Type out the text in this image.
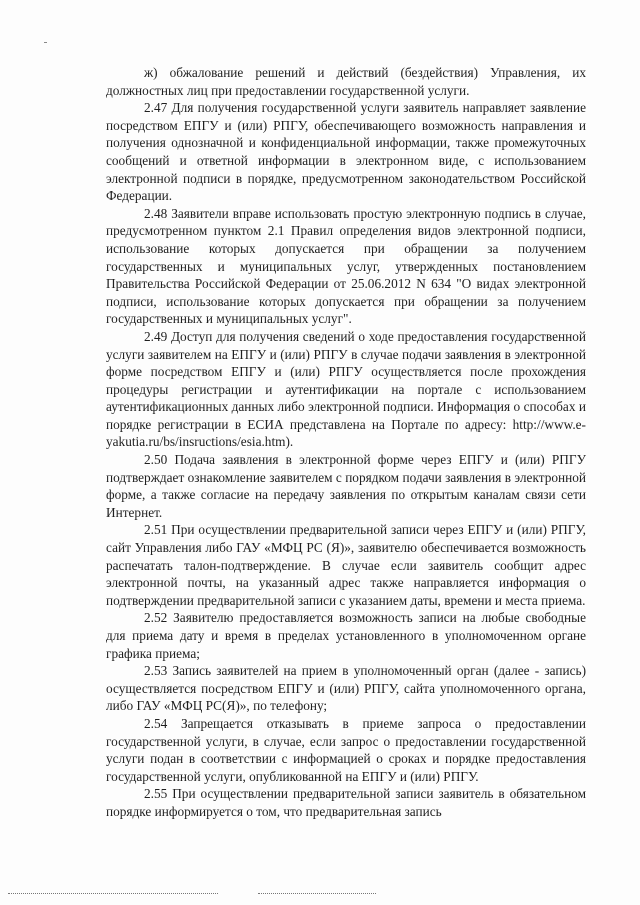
ж) обжалование решений и действий (бездействия) Управления, их должностных лиц при предоставлении государственной услуги.

2.47 Для получения государственной услуги заявитель направляет заявление посредством ЕПГУ и (или) РПГУ, обеспечивающего возможность направления и получения однозначной и конфиденциальной информации, также промежуточных сообщений и ответной информации в электронном виде, с использованием электронной подписи в порядке, предусмотренном законодательством Российской Федерации.

2.48 Заявители вправе использовать простую электронную подпись в случае, предусмотренном пунктом 2.1 Правил определения видов электронной подписи, использование которых допускается при обращении за получением государственных и муниципальных услуг, утвержденных постановлением Правительства Российской Федерации от 25.06.2012 N 634 "О видах электронной подписи, использование которых допускается при обращении за получением государственных и муниципальных услуг".

2.49 Доступ для получения сведений о ходе предоставления государственной услуги заявителем на ЕПГУ и (или) РПГУ в случае подачи заявления в электронной форме посредством ЕПГУ и (или) РПГУ осуществляется после прохождения процедуры регистрации и аутентификации на портале с использованием аутентификационных данных либо электронной подписи. Информация о способах и порядке регистрации в ЕСИА представлена на Портале по адресу: http://www.e-yakutia.ru/bs/insructions/esia.htm).

2.50 Подача заявления в электронной форме через ЕПГУ и (или) РПГУ подтверждает ознакомление заявителем с порядком подачи заявления в электронной форме, а также согласие на передачу заявления по открытым каналам связи сети Интернет.

2.51 При осуществлении предварительной записи через ЕПГУ и (или) РПГУ, сайт Управления либо ГАУ «МФЦ РС (Я)», заявителю обеспечивается возможность распечатать талон-подтверждение. В случае если заявитель сообщит адрес электронной почты, на указанный адрес также направляется информация о подтверждении предварительной записи с указанием даты, времени и места приема.

2.52 Заявителю предоставляется возможность записи на любые свободные для приема дату и время в пределах установленного в уполномоченном органе графика приема;

2.53 Запись заявителей на прием в уполномоченный орган (далее - запись) осуществляется посредством ЕПГУ и (или) РПГУ, сайта уполномоченного органа, либо ГАУ «МФЦ РС(Я)», по телефону;

2.54 Запрещается отказывать в приеме запроса о предоставлении государственной услуги, в случае, если запрос о предоставлении государственной услуги подан в соответствии с информацией о сроках и порядке предоставления государственной услуги, опубликованной на ЕПГУ и (или) РПГУ.

2.55 При осуществлении предварительной записи заявитель в обязательном порядке информируется о том, что предварительная запись
